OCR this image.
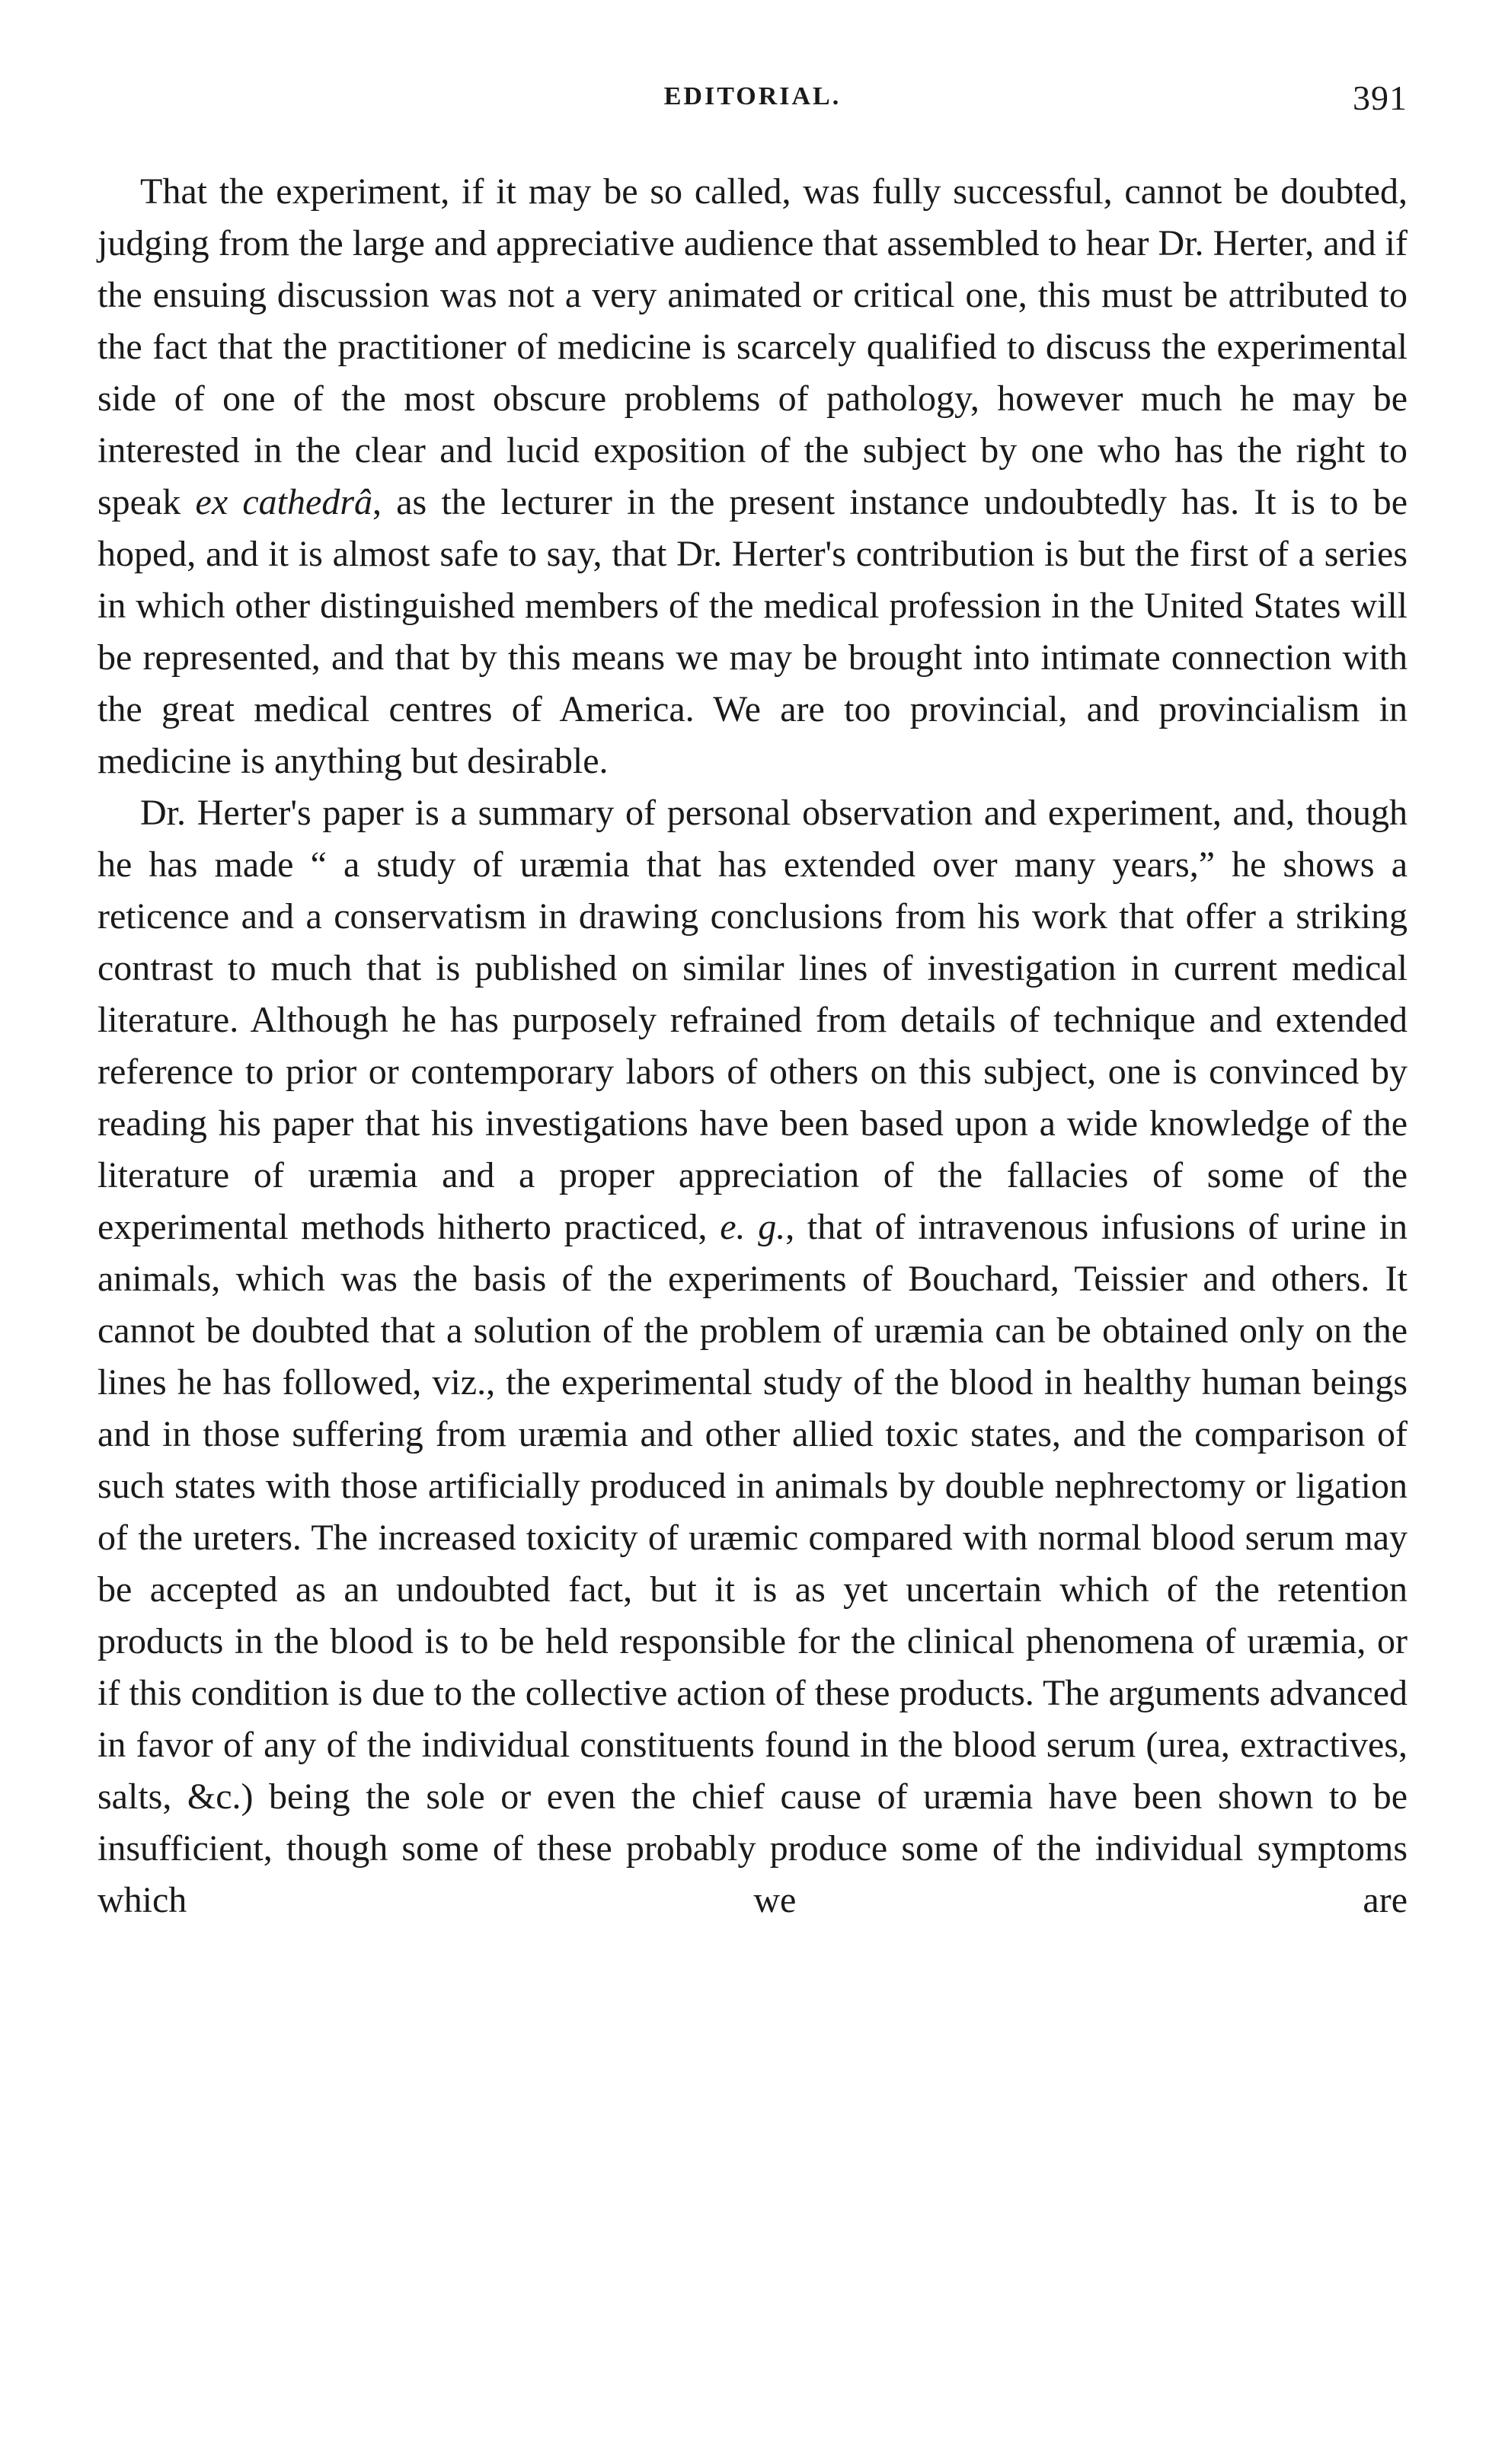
EDITORIAL.	391

That the experiment, if it may be so called, was fully successful, cannot be doubted, judging from the large and appreciative audience that assembled to hear Dr. Herter, and if the ensuing discussion was not a very animated or critical one, this must be attributed to the fact that the practitioner of medicine is scarcely qualified to discuss the experimental side of one of the most obscure problems of pathology, however much he may be interested in the clear and lucid exposition of the subject by one who has the right to speak ex cathedrâ, as the lecturer in the present instance undoubtedly has. It is to be hoped, and it is almost safe to say, that Dr. Herter's contribution is but the first of a series in which other distinguished members of the medical profession in the United States will be represented, and that by this means we may be brought into intimate connection with the great medical centres of America. We are too provincial, and provincialism in medicine is anything but desirable.

Dr. Herter's paper is a summary of personal observation and experiment, and, though he has made “ a study of uræmia that has extended over many years,” he shows a reticence and a conservatism in drawing conclusions from his work that offer a striking contrast to much that is published on similar lines of investigation in current medical literature. Although he has purposely refrained from details of technique and extended reference to prior or contemporary labors of others on this subject, one is convinced by reading his paper that his investigations have been based upon a wide knowledge of the literature of uræmia and a proper appreciation of the fallacies of some of the experimental methods hitherto practiced, e. g., that of intravenous infusions of urine in animals, which was the basis of the experiments of Bouchard, Teissier and others. It cannot be doubted that a solution of the problem of uræmia can be obtained only on the lines he has followed, viz., the experimental study of the blood in healthy human beings and in those suffering from uræmia and other allied toxic states, and the comparison of such states with those artificially produced in animals by double nephrectomy or ligation of the ureters. The increased toxicity of uræmic compared with normal blood serum may be accepted as an undoubted fact, but it is as yet uncertain which of the retention products in the blood is to be held responsible for the clinical phenomena of uræmia, or if this condition is due to the collective action of these products. The arguments advanced in favor of any of the individual constituents found in the blood serum (urea, extractives, salts, &c.) being the sole or even the chief cause of uræmia have been shown to be insufficient, though some of these probably produce some of the individual symptoms which we are
